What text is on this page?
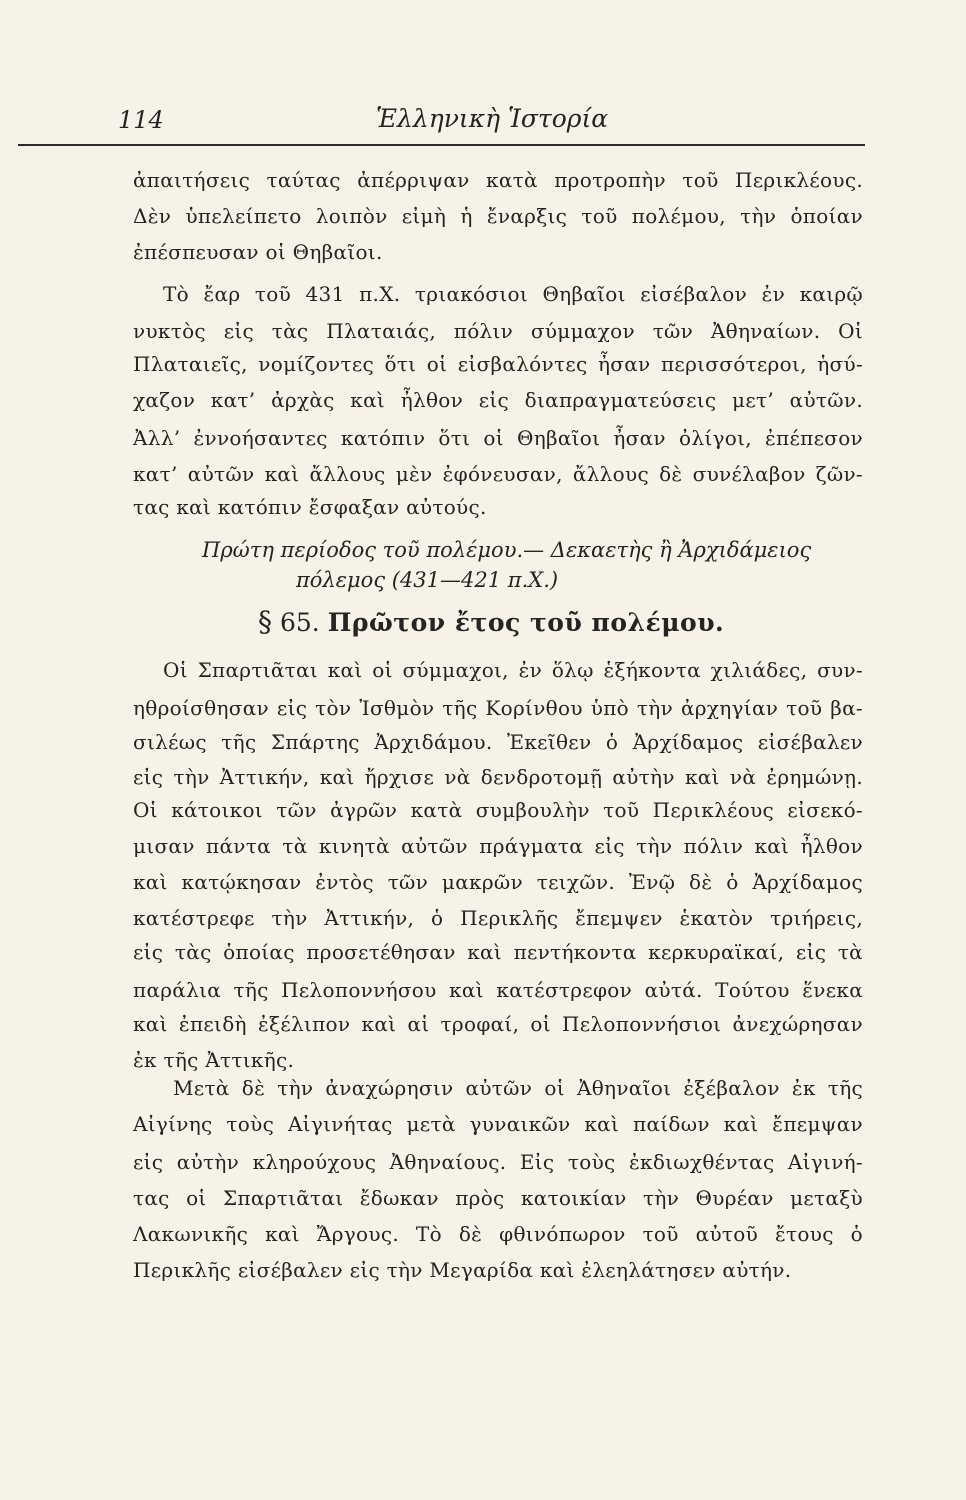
114	Ἑλληνικὴ Ἱστορία
ἀπαιτήσεις ταύτας ἀπέρριψαν κατὰ προτροπὴν τοῦ Περικλέους.
Δὲν ὑπελείπετο λοιπὸν εἰμὴ ἡ ἔναρξις τοῦ πολέμου, τὴν ὁποίαν
ἐπέσπευσαν οἱ Θηβαῖοι.
Τὸ ἔαρ τοῦ 431 π.Χ. τριακόσιοι Θηβαῖοι εἰσέβαλον ἐν καιρῷ
νυκτὸς εἰς τὰς Πλαταιάς, πόλιν σύμμαχον τῶν Ἀθηναίων. Οἱ
Πλαταιεῖς, νομίζοντες ὅτι οἱ εἰσβαλόντες ἦσαν περισσότεροι, ἡσύ-
χαζον κατ’ ἀρχὰς καὶ ἦλθον εἰς διαπραγματεύσεις μετ’ αὐτῶν.
Ἀλλ’ ἐννοήσαντες κατόπιν ὅτι οἱ Θηβαῖοι ἦσαν ὀλίγοι, ἐπέπεσον
κατ’ αὐτῶν καὶ ἄλλους μὲν ἐφόνευσαν, ἄλλους δὲ συνέλαβον ζῶν-
τας καὶ κατόπιν ἔσφαξαν αὐτούς.
Πρώτη περίοδος τοῦ πολέμου.— Δεκαετὴς ἢ Ἀρχιδάμειος
πόλεμος (431—421 π.Χ.)
§ 65. Πρῶτον ἔτος τοῦ πολέμου.
Οἱ Σπαρτιᾶται καὶ οἱ σύμμαχοι, ἐν ὅλῳ ἑξήκοντα χιλιάδες, συν-
ηθροίσθησαν εἰς τὸν Ἰσθμὸν τῆς Κορίνθου ὑπὸ τὴν ἀρχηγίαν τοῦ βα-
σιλέως τῆς Σπάρτης Ἀρχιδάμου. Ἐκεῖθεν ὁ Ἀρχίδαμος εἰσέβαλεν
εἰς τὴν Ἀττικήν, καὶ ἤρχισε νὰ δενδροτομῇ αὐτὴν καὶ νὰ ἐρημώνῃ.
Οἱ κάτοικοι τῶν ἀγρῶν κατὰ συμβουλὴν τοῦ Περικλέους εἰσεκό-
μισαν πάντα τὰ κινητὰ αὐτῶν πράγματα εἰς τὴν πόλιν καὶ ἦλθον
καὶ κατῴκησαν ἐντὸς τῶν μακρῶν τειχῶν. Ἐνῷ δὲ ὁ Ἀρχίδαμος
κατέστρεφε τὴν Ἀττικήν, ὁ Περικλῆς ἔπεμψεν ἑκατὸν τριήρεις,
εἰς τὰς ὁποίας προσετέθησαν καὶ πεντήκοντα κερκυραϊκαί, εἰς τὰ
παράλια τῆς Πελοποννήσου καὶ κατέστρεφον αὐτά. Τούτου ἕνεκα
καὶ ἐπειδὴ ἐξέλιπον καὶ αἱ τροφαί, οἱ Πελοποννήσιοι ἀνεχώρησαν
ἐκ τῆς Ἀττικῆς.
Μετὰ δὲ τὴν ἀναχώρησιν αὐτῶν οἱ Ἀθηναῖοι ἐξέβαλον ἐκ τῆς
Αἰγίνης τοὺς Αἰγινήτας μετὰ γυναικῶν καὶ παίδων καὶ ἔπεμψαν
εἰς αὐτὴν κληρούχους Ἀθηναίους. Εἰς τοὺς ἐκδιωχθέντας Αἰγινή-
τας οἱ Σπαρτιᾶται ἔδωκαν πρὸς κατοικίαν τὴν Θυρέαν μεταξὺ
Λακωνικῆς καὶ Ἄργους. Τὸ δὲ φθινόπωρον τοῦ αὐτοῦ ἔτους ὁ
Περικλῆς εἰσέβαλεν εἰς τὴν Μεγαρίδα καὶ ἐλεηλάτησεν αὐτήν.
